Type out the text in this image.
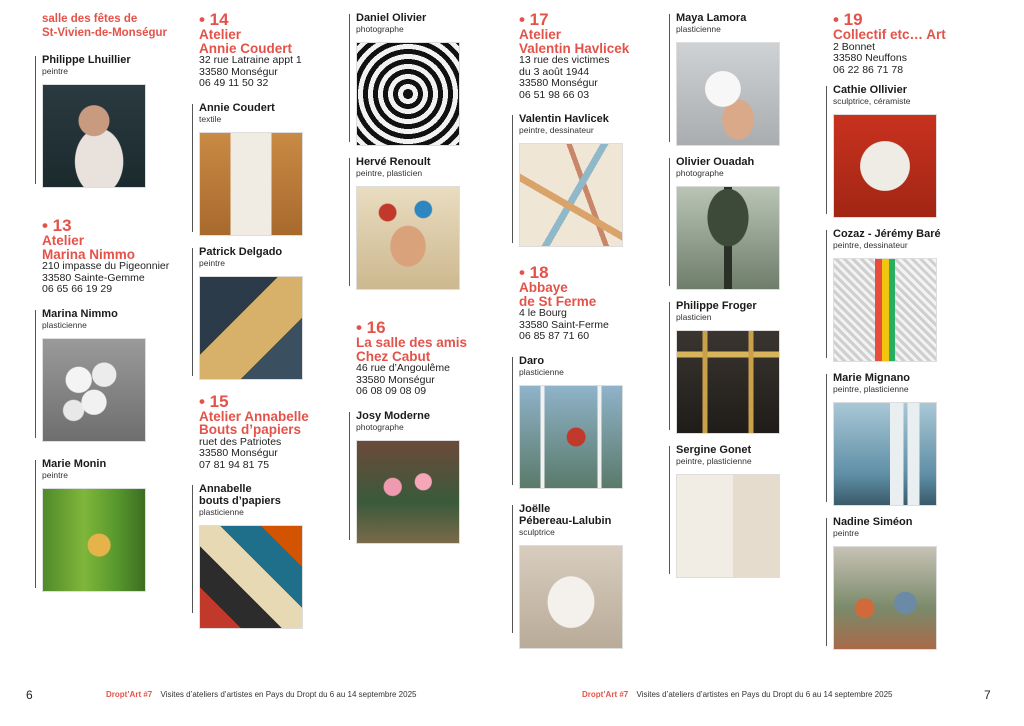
salle des fêtes de
St-Vivien-de-Monségur
Philippe Lhuillier
peintre
• 13
Atelier
Marina Nimmo
210 impasse du Pigeonnier
33580 Sainte-Gemme
06 65 66 19 29
Marina Nimmo
plasticienne
Marie Monin
peintre
• 14
Atelier
Annie Coudert
32 rue Latraine appt 1
33580 Monségur
06 49 11 50 32
Annie Coudert
textile
Patrick Delgado
peintre
• 15
Atelier Annabelle
Bouts d’papiers
ruet des Patriotes
33580 Monségur
07 81 94 81 75
Annabelle
bouts d’papiers
plasticienne
Daniel Olivier
photographe
Hervé Renoult
peintre, plasticien
• 16
La salle des amis
Chez Cabut
46 rue d’Angoulême
33580 Monségur
06 08 09 08 09
Josy Moderne
photographe
• 17
Atelier
Valentin Havlicek
13 rue des victimes
du 3 août 1944
33580 Monségur
06 51 98 66 03
Valentin Havlicek
peintre, dessinateur
• 18
Abbaye
de St Ferme
4 le Bourg
33580 Saint-Ferme
06 85 87 71 60
Daro
plasticienne
Joëlle
Pébereau-Lalubin
sculptrice
Maya Lamora
plasticienne
Olivier Ouadah
photographe
Philippe Froger
plasticien
Sergine Gonet
peintre, plasticienne
• 19
Collectif etc… Art
2 Bonnet
33580 Neuffons
06 22 86 71 78
Cathie Ollivier
sculptrice, céramiste
Cozaz - Jérémy Baré
peintre, dessinateur
Marie Mignano
peintre, plasticienne
Nadine Siméon
peintre
6	Dropt’Art #7 Visites d’ateliers d’artistes en Pays du Dropt du 6 au 14 septembre 2025	Dropt’Art #7 Visites d’ateliers d’artistes en Pays du Dropt du 6 au 14 septembre 2025	7
